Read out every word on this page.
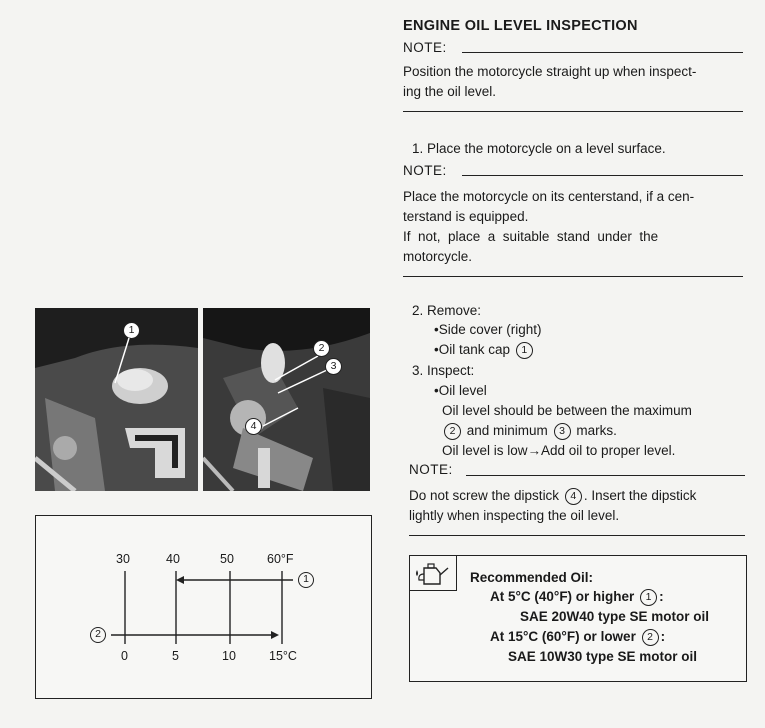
1
2
3
4
30	40	50	60°F
0	5	10	15°C
1
2
ENGINE OIL LEVEL INSPECTION
NOTE:
Position the motorcycle straight up when inspect-
ing the oil level.
1. Place the motorcycle on a level surface.
NOTE:
Place the motorcycle on its centerstand, if a cen-
terstand is equipped.
If  not,  place  a  suitable  stand  under  the
motorcycle.
2. Remove:
•Side cover (right)
•Oil tank cap 1
3. Inspect:
•Oil level
Oil level should be between the maximum
2 and minimum 3 marks.
Oil level is low→Add oil to proper level.
NOTE:
Do not screw the dipstick 4 . Insert the dipstick
lightly when inspecting the oil level.
Recommended Oil:
At 5°C (40°F) or higher 1 :
SAE 20W40 type SE motor oil
At 15°C (60°F) or lower 2 :
SAE 10W30 type SE motor oil
